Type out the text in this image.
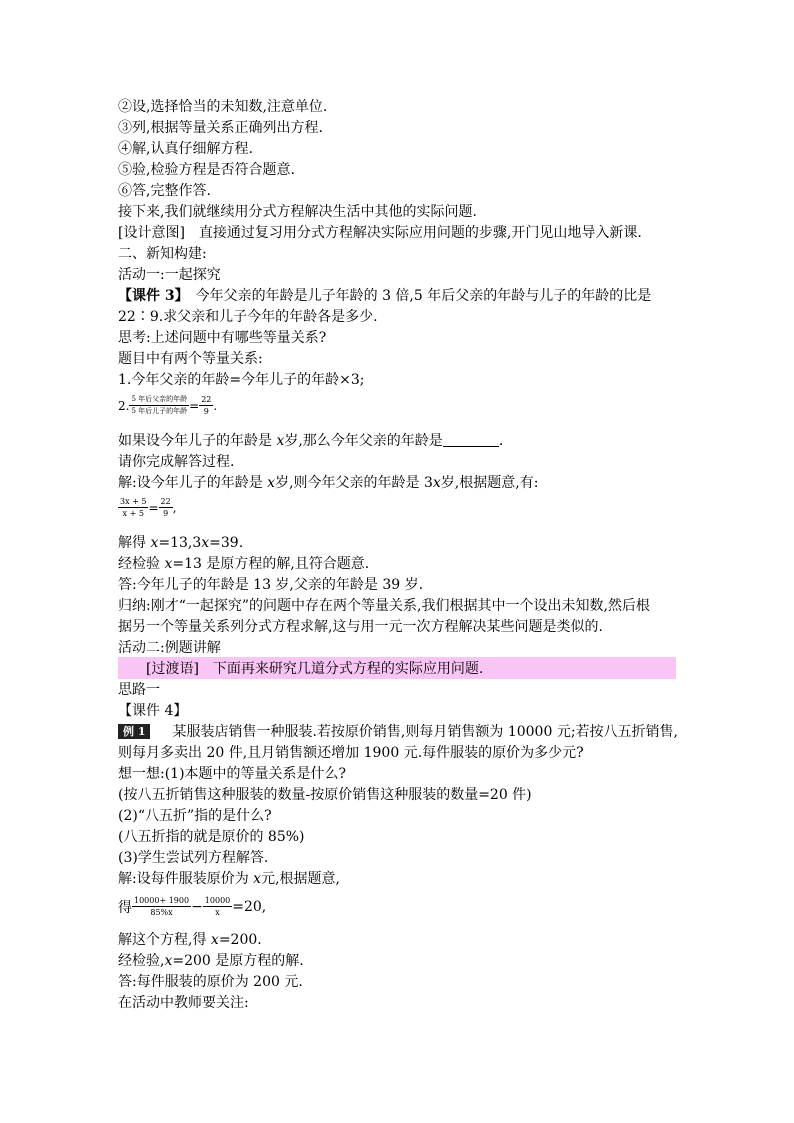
②设,选择恰当的未知数,注意单位.
③列,根据等量关系正确列出方程.
④解,认真仔细解方程.
⑤验,检验方程是否符合题意.
⑥答,完整作答.
接下来,我们就继续用分式方程解决生活中其他的实际问题.
[设计意图]　直接通过复习用分式方程解决实际应用问题的步骤,开门见山地导入新课.
二、新知构建:
活动一:一起探究
【课件 3】　今年父亲的年龄是儿子年龄的 3 倍,5 年后父亲的年龄与儿子的年龄的比是
22∶9.求父亲和儿子今年的年龄各是多少.
思考:上述问题中有哪些等量关系?
题目中有两个等量关系:
1.今年父亲的年龄=今年儿子的年龄×3;
2. 5 年后父亲的年龄
5 年后儿子的年龄 = $\frac{22}{9}$ .
如果设今年儿子的年龄是 x岁,那么今年父亲的年龄是	.
请你完成解答过程.
解:设今年儿子的年龄是 x岁,则今年父亲的年龄是 3x岁,根据题意,有:
$\frac{3x + 5}{x + 5} = \frac{22}{9}$ ,
解得 x=13,3x=39.
经检验 x=13 是原方程的解,且符合题意.
答:今年儿子的年龄是 13 岁,父亲的年龄是 39 岁.
归纳:刚才“一起探究”的问题中存在两个等量关系,我们根据其中一个设出未知数,然后根
据另一个等量关系列分式方程求解,这与用一元一次方程解决某些问题是类似的.
活动二:例题讲解
　　[过渡语]　下面再来研究几道分式方程的实际应用问题.
思路一
【课件 4】
例 1　某服装店销售一种服装.若按原价销售,则每月销售额为 10000 元;若按八五折销售,
则每月多卖出 20 件,且月销售额还增加 1900 元.每件服装的原价为多少元?
想一想:(1)本题中的等量关系是什么?
(按八五折销售这种服装的数量-按原价销售这种服装的数量=20 件)
(2)“八五折”指的是什么?
(八五折指的就是原价的 85%)
(3)学生尝试列方程解答.
解:设每件服装原价为 x元,根据题意,
得 $\frac{10000+ 1900}{85\%x} - \frac{10000}{x} =20$,
解这个方程,得 x=200.
经检验,x=200 是原方程的解.
答:每件服装的原价为 200 元.
在活动中教师要关注:
